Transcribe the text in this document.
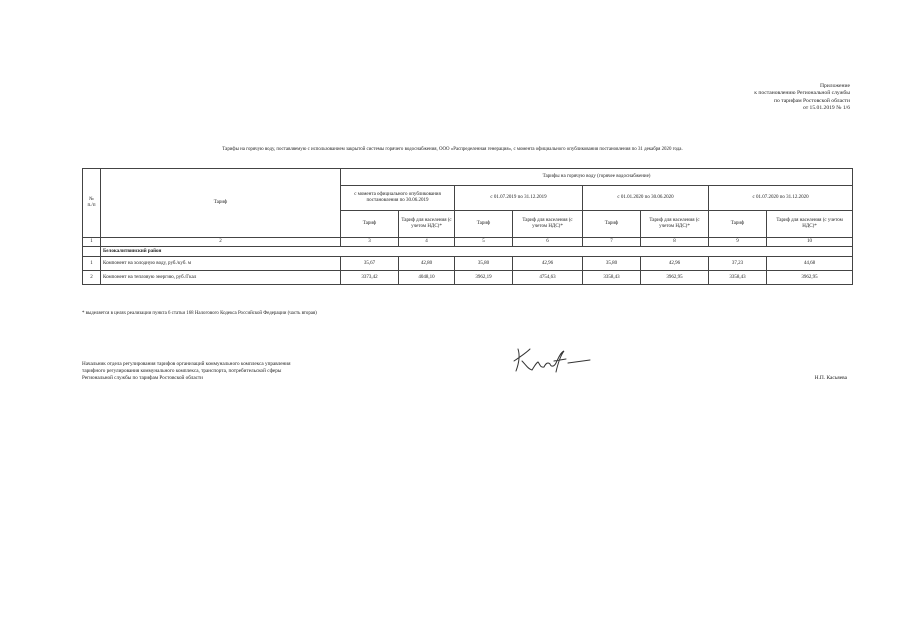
Приложение
к постановлению Региональной службы
по тарифам Ростовской области
от 15.01.2019 № 1/6
Тарифы на горячую воду, поставляемую с использованием закрытой системы горячего водоснабжения, ООО «Распределенная генерация», с момента официального опубликования постановления по 31 декабря 2020 года.
№
п./п	Тариф	Тарифы на горячую воду (горячее водоснабжение)							
		с момента официального опубликования постановления по 30.06.2019		с 01.07.2019 по 31.12.2019		с 01.01.2020 по 30.06.2020		с 01.07.2020 по 31.12.2020	
		Тариф	Тариф для населения (с учетом НДС)*	Тариф	Тариф для населения (с учетом НДС)*	Тариф	Тариф для населения (с учетом НДС)*	Тариф	Тариф для населения (с учетом НДС)*
1	2	3	4	5	6	7	8	9	10
	Белокалитвинский район								
1	Компонент на холодную воду, руб./куб. м	35,67	42,80	35,80	42,96	35,80	42,96	37,23	44,68
2	Компонент на тепловую энергию, руб./Гкал	3373,42	4048,10	3962,19	4754,63	3358,43	3962,95	3358,43	3962,95
* выделяется в целях реализации пункта 6 статьи 168 Налогового Кодекса Российской Федерации (часть вторая)
Начальник отдела регулирования тарифов организаций коммунального комплекса управления
тарифного регулирования коммунального комплекса, транспорта, потребительской сферы
Региональной службы по тарифам Ростовской области	Н.П. Касьяева
